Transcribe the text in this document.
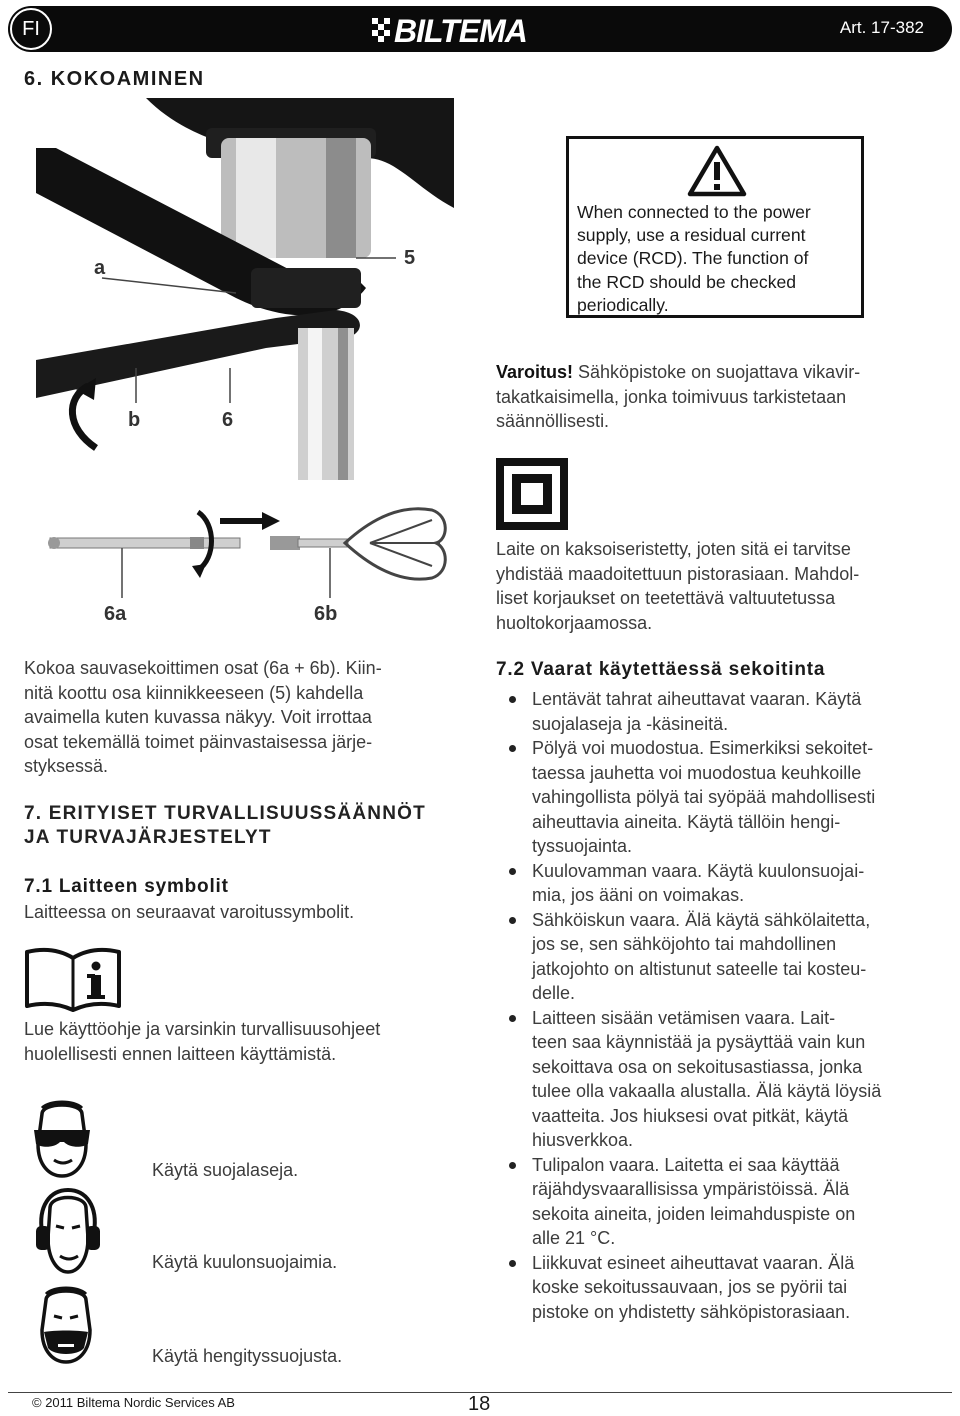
FI	BILTEMA	Art. 17-382
6. KOKOAMINEN
a
b	6
5
6a	6b
When connected to the power
supply, use a residual current
device (RCD). The function of
the RCD should be checked
periodically.
Varoitus! Sähköpistoke on suojattava vikavir-
takatkaisimella, jonka toimivuus tarkistetaan
säännöllisesti.
Laite on kaksoiseristetty, joten sitä ei tarvitse
yhdistää maadoitettuun pistorasiaan. Mahdol-
liset korjaukset on teetettävä valtuutetussa
huoltokorjaamossa.
Kokoa sauvasekoittimen osat (6a + 6b). Kiin-
nitä koottu osa kiinnikkeeseen (5) kahdella
avaimella kuten kuvassa näkyy. Voit irrottaa
osat tekemällä toimet päinvastaisessa järje-
styksessä.
7. ERITYISET TURVALLISUUSSÄÄNNÖT
JA TURVAJÄRJESTELYT
7.1 Laitteen symbolit
Laitteessa on seuraavat varoitussymbolit.
Lue käyttöohje ja varsinkin turvallisuusohjeet
huolellisesti ennen laitteen käyttämistä.
Käytä suojalaseja.
Käytä kuulonsuojaimia.
Käytä hengityssuojusta.
7.2 Vaarat käytettäessä sekoitinta
Lentävät tahrat aiheuttavat vaaran. Käytä
suojalaseja ja -käsineitä.
Pölyä voi muodostua. Esimerkiksi sekoitet-
taessa jauhetta voi muodostua keuhkoille
vahingollista pölyä tai syöpää mahdollisesti
aiheuttavia aineita. Käytä tällöin hengi-
tyssuojainta.
Kuulovamman vaara. Käytä kuulonsuojai-
mia, jos ääni on voimakas.
Sähköiskun vaara. Älä käytä sähkölaitetta,
jos se, sen sähköjohto tai mahdollinen
jatkojohto on altistunut sateelle tai kosteu-
delle.
Laitteen sisään vetämisen vaara. Lait-
teen saa käynnistää ja pysäyttää vain kun
sekoittava osa on sekoitusastiassa, jonka
tulee olla vakaalla alustalla. Älä käytä löysiä
vaatteita. Jos hiuksesi ovat pitkät, käytä
hiusverkkoa.
Tulipalon vaara. Laitetta ei saa käyttää
räjähdysvaarallisissa ympäristöissä. Älä
sekoita aineita, joiden leimahduspiste on
alle 21 °C.
Liikkuvat esineet aiheuttavat vaaran. Älä
koske sekoitussauvaan, jos se pyörii tai
pistoke on yhdistetty sähköpistorasiaan.
© 2011 Biltema Nordic Services AB	18
